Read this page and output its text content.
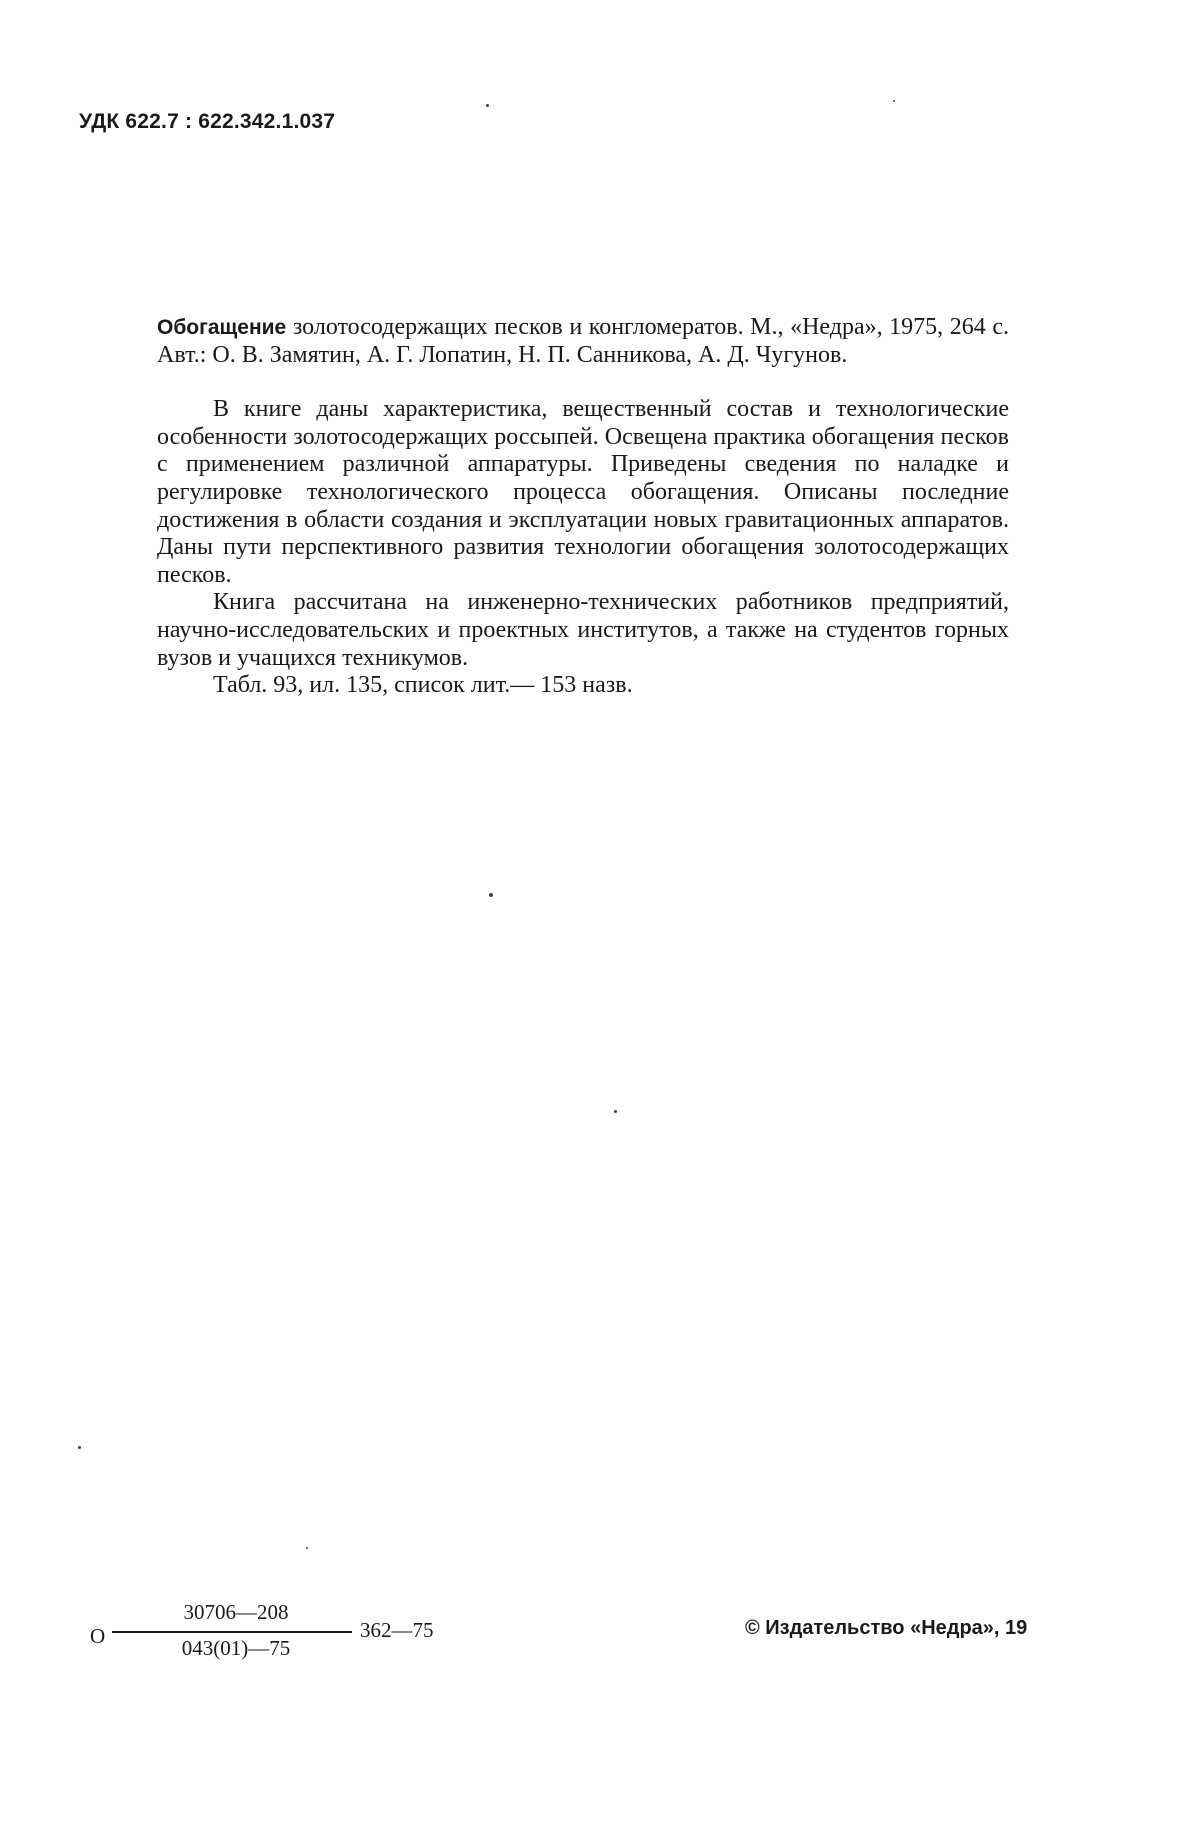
УДК 622.7 : 622.342.1.037

Обогащение золотосодержащих песков и конгломератов. М., «Недра», 1975, 264 с. Авт.: О. В. Замятин, А. Г. Лопатин, Н. П. Санникова, А. Д. Чугунов.

В книге даны характеристика, вещественный состав и технологические особенности золотосодержащих россыпей. Освещена практика обогащения песков с применением различной аппаратуры. Приведены сведения по наладке и регулировке технологического процесса обогащения. Описаны последние достижения в области создания и эксплуатации новых гравитационных аппаратов. Даны пути перспективного развития технологии обогащения золотосодержащих песков.

Книга рассчитана на инженерно-технических работников предприятий, научно-исследовательских и проектных институтов, а также на студентов горных вузов и учащихся техникумов.

Табл. 93, ил. 135, список лит.— 153 назв.

О
30706—208
043(01)—75
362—75	© Издательство «Недра», 19
